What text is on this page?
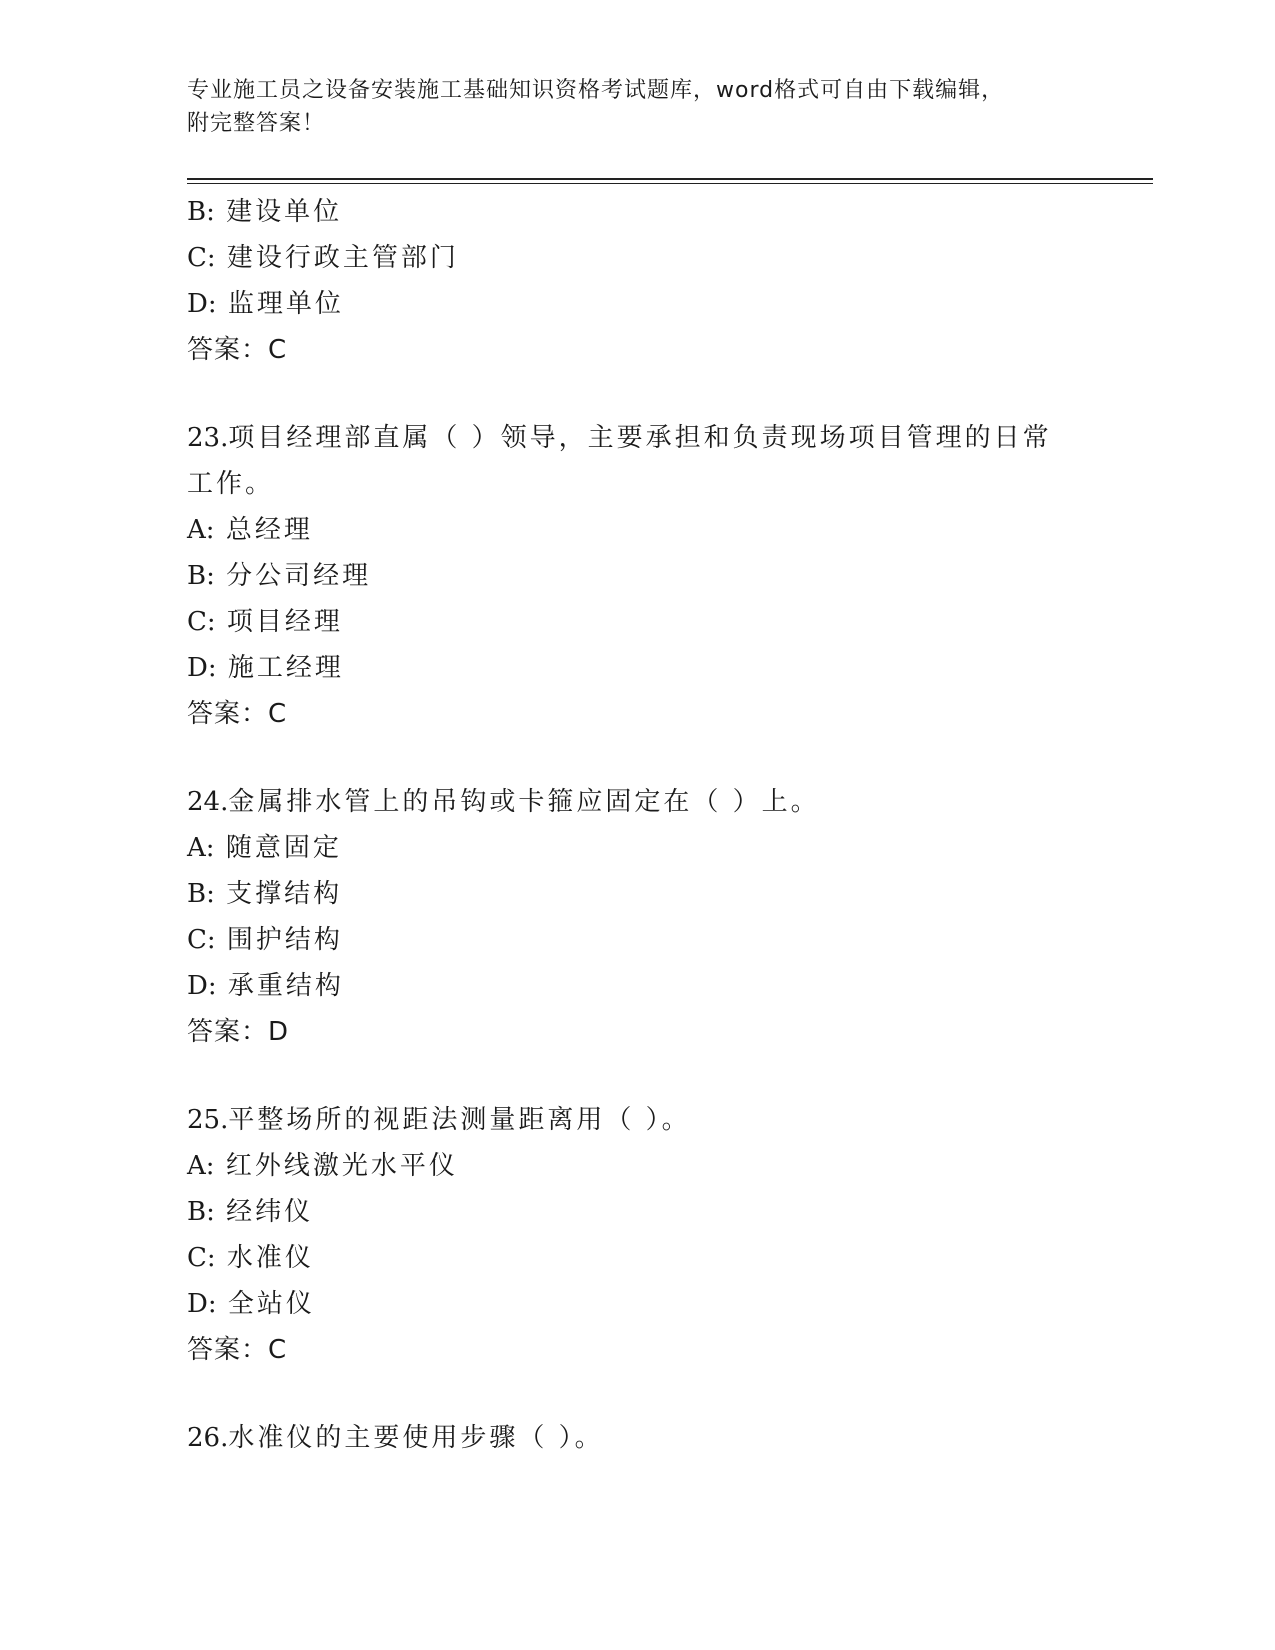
专业施工员之设备安装施工基础知识资格考试题库，word格式可自由下载编辑，
附完整答案！
B: 建设单位
C: 建设行政主管部门
D: 监理单位
答案：C
23.项目经理部直属（ ）领导，主要承担和负责现场项目管理的日常
工作。
A: 总经理
B: 分公司经理
C: 项目经理
D: 施工经理
答案：C
24.金属排水管上的吊钩或卡箍应固定在（ ）上。
A: 随意固定
B: 支撑结构
C: 围护结构
D: 承重结构
答案：D
25.平整场所的视距法测量距离用（ ）。
A: 红外线激光水平仪
B: 经纬仪
C: 水准仪
D: 全站仪
答案：C
26.水准仪的主要使用步骤（ ）。
